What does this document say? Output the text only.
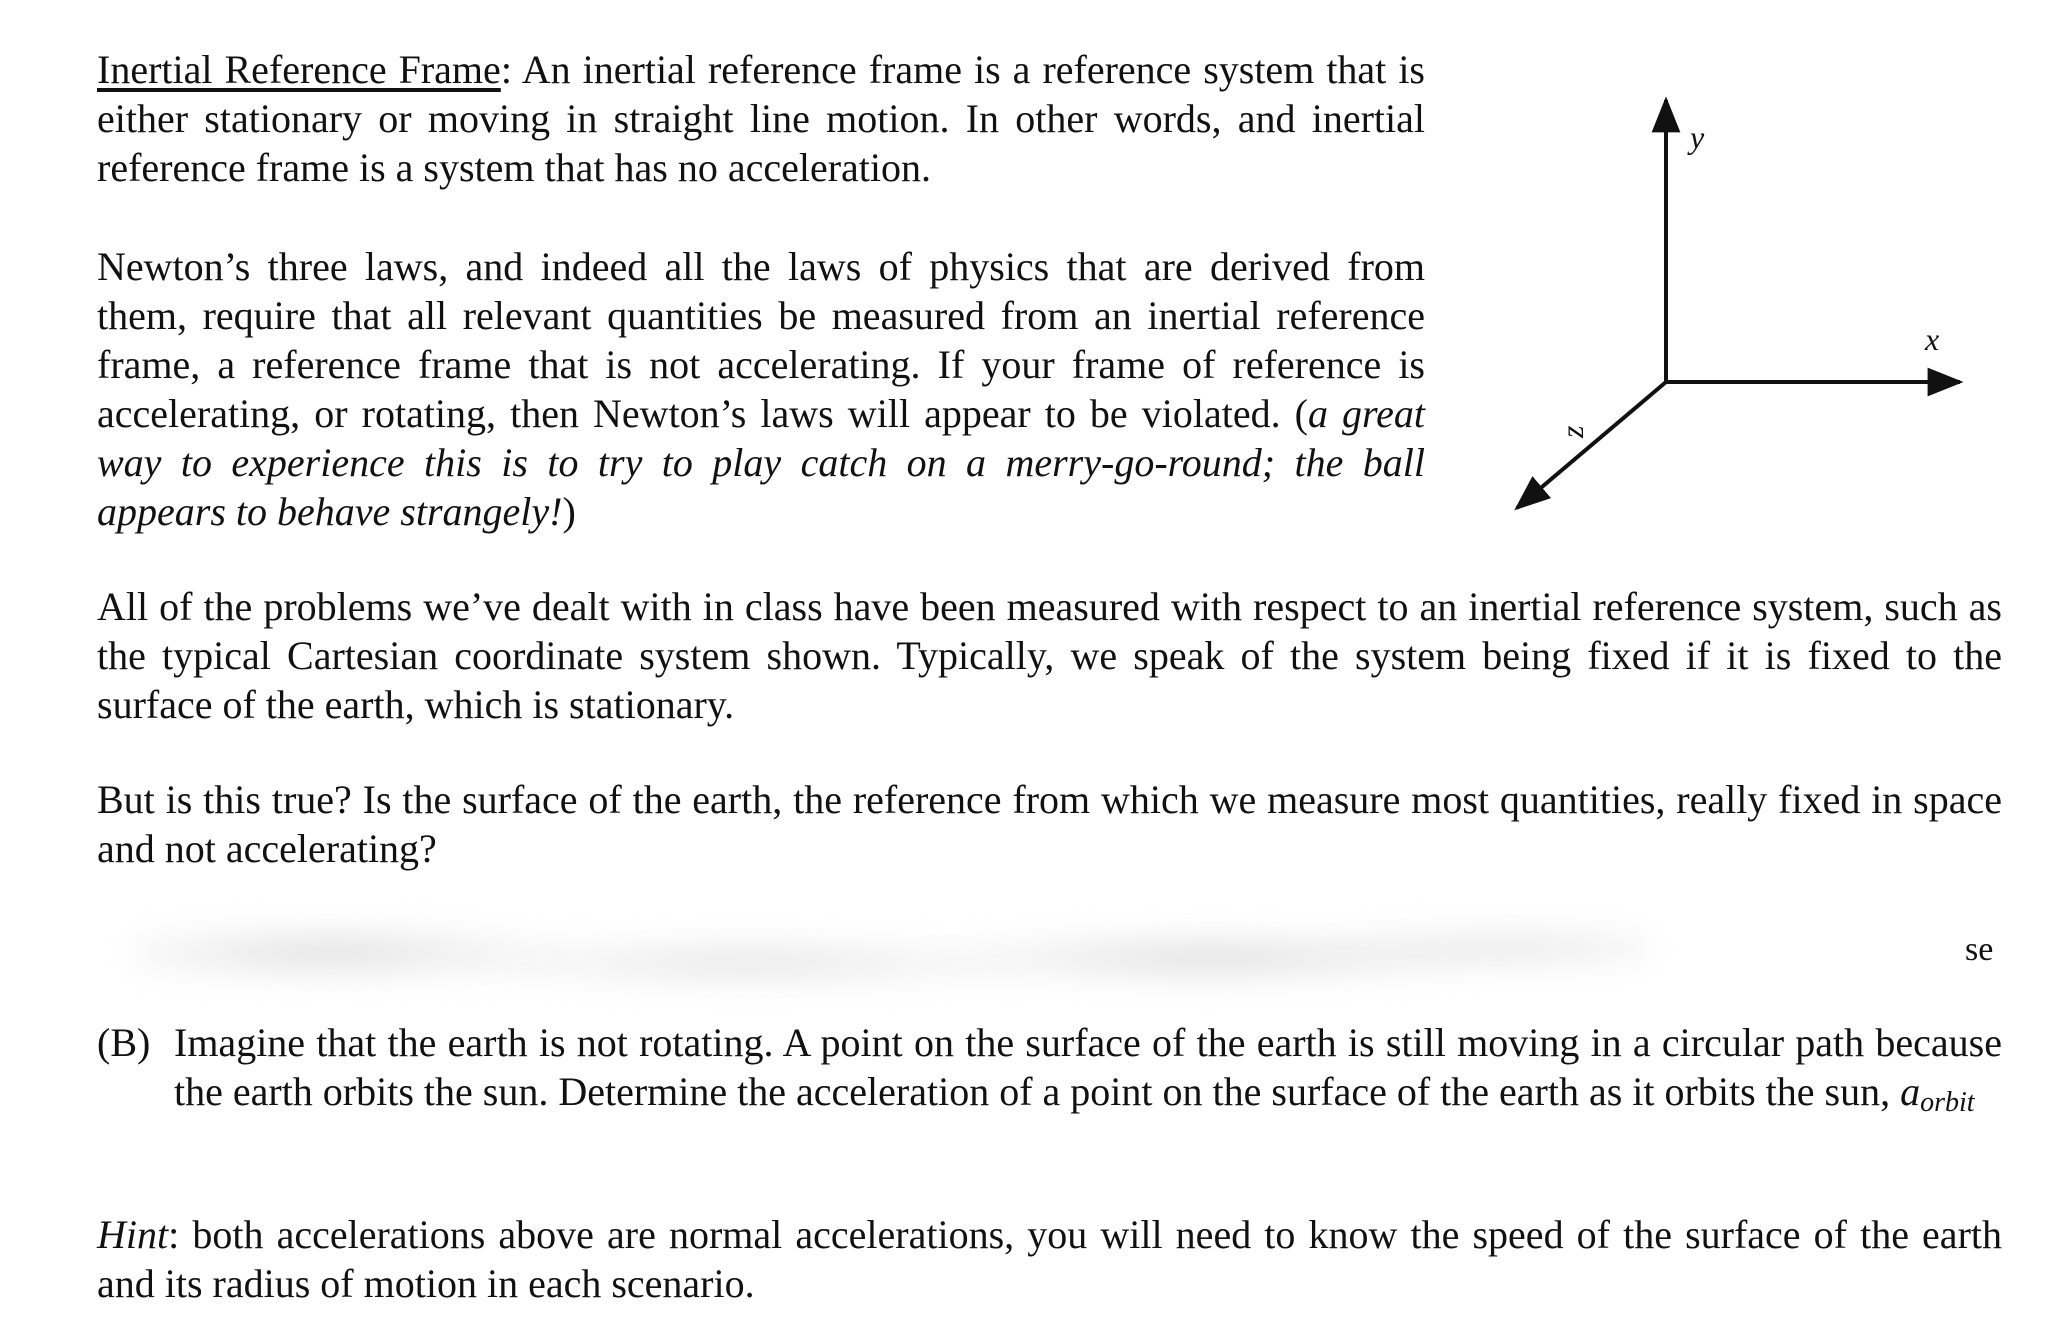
Inertial Reference Frame: An inertial reference frame is a reference system that is either stationary or moving in straight line motion. In other words, and inertial reference frame is a system that has no acceleration.

Newton’s three laws, and indeed all the laws of physics that are derived from them, require that all relevant quantities be measured from an inertial reference frame, a reference frame that is not accelerating. If your frame of reference is accelerating, or rotating, then Newton’s laws will appear to be violated. (a great way to experience this is to try to play catch on a merry-go-round; the ball appears to behave strangely!)

y
x
z

All of the problems we’ve dealt with in class have been measured with respect to an inertial reference system, such as the typical Cartesian coordinate system shown. Typically, we speak of the system being fixed if it is fixed to the surface of the earth, which is stationary.

But is this true? Is the surface of the earth, the reference from which we measure most quantities, really fixed in space and not accelerating?

se
(B) Imagine that the earth is not rotating. A point on the surface of the earth is still moving in a circular path because the earth orbits the sun. Determine the acceleration of a point on the surface of the earth as it orbits the sun, $a_{orbit}$

Hint: both accelerations above are normal accelerations, you will need to know the speed of the surface of the earth and its radius of motion in each scenario.
